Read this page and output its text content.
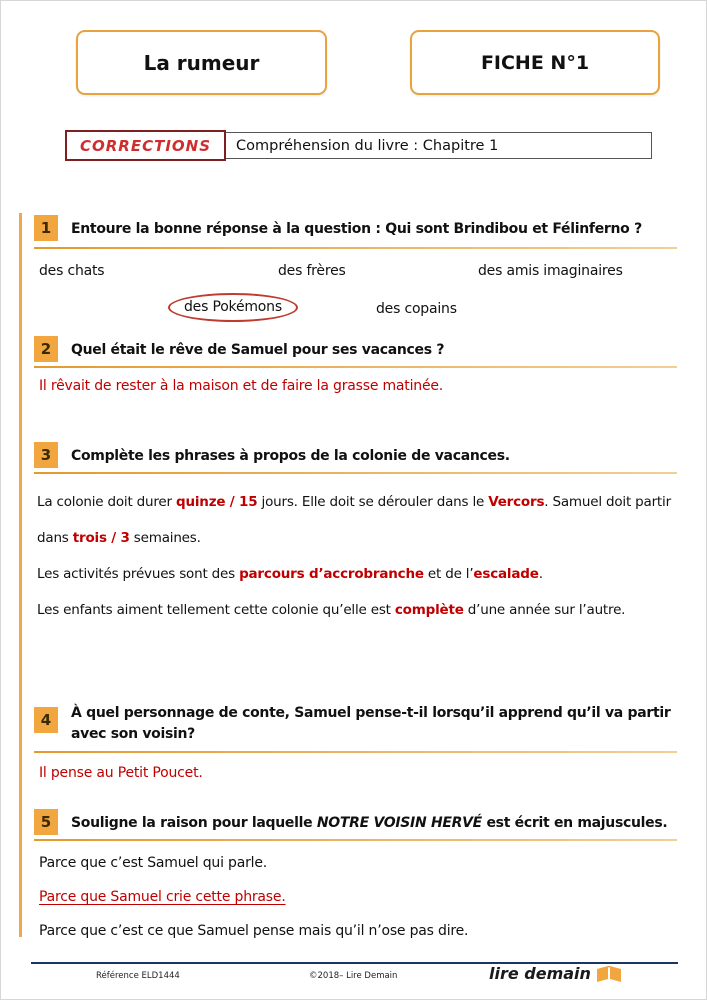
La rumeur	FICHE N°1
CORRECTIONS	Compréhension du livre : Chapitre 1
1	Entoure la bonne réponse à la question : Qui sont Brindibou et Félinferno ?
des chats	des frères	des amis imaginaires
des Pokémons	des copains
2	Quel était le rêve de Samuel pour ses vacances ?
Il rêvait de rester à la maison et de faire la grasse matinée.
3	Complète les phrases à propos de la colonie de vacances.
La colonie doit durer quinze / 15 jours. Elle doit se dérouler dans le Vercors. Samuel doit partir dans trois / 3 semaines.
Les activités prévues sont des parcours d’accrobranche et de l’escalade.
Les enfants aiment tellement cette colonie qu’elle est complète d’une année sur l’autre.
4	À quel personnage de conte, Samuel pense-t-il lorsqu’il apprend qu’il va partir avec son voisin?
Il pense au Petit Poucet.
5	Souligne la raison pour laquelle NOTRE VOISIN HERVÉ est écrit en majuscules.
Parce que c’est Samuel qui parle.
Parce que Samuel crie cette phrase.
Parce que c’est ce que Samuel pense mais qu’il n’ose pas dire.
Référence ELD1444	©2018– Lire Demain	lire demain
